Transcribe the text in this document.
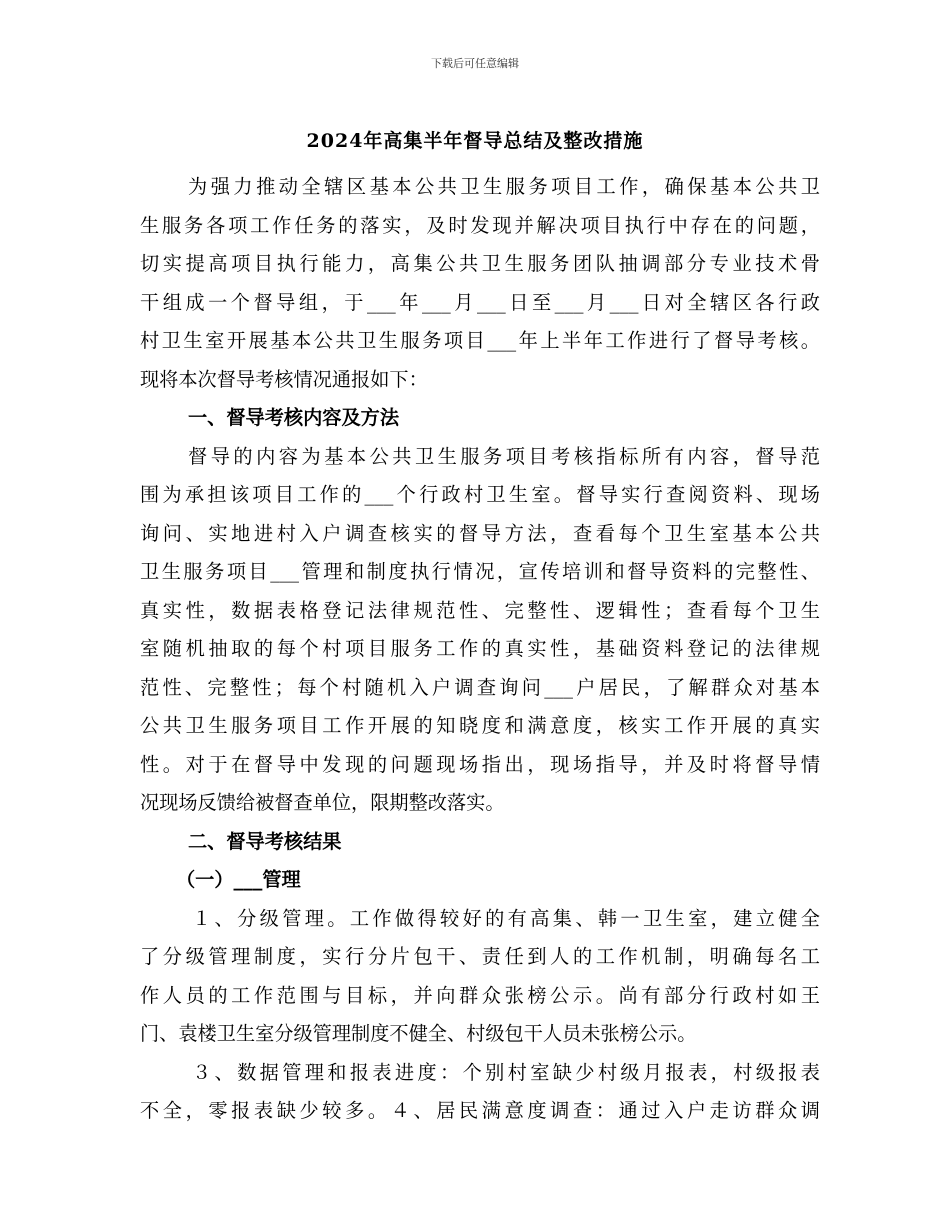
下载后可任意编辑
2024年高集半年督导总结及整改措施
为强力推动全辖区基本公共卫生服务项目工作，确保基本公共卫
生服务各项工作任务的落实，及时发现并解决项目执行中存在的问题，
切实提高项目执行能力，高集公共卫生服务团队抽调部分专业技术骨
干组成一个督导组，于___年___月___日至___月___日对全辖区各行政
村卫生室开展基本公共卫生服务项目___年上半年工作进行了督导考核。
现将本次督导考核情况通报如下：
一、督导考核内容及方法
督导的内容为基本公共卫生服务项目考核指标所有内容，督导范
围为承担该项目工作的___个行政村卫生室。督导实行查阅资料、现场
询问、实地进村入户调查核实的督导方法，查看每个卫生室基本公共
卫生服务项目___管理和制度执行情况，宣传培训和督导资料的完整性、
真实性，数据表格登记法律规范性、完整性、逻辑性；查看每个卫生
室随机抽取的每个村项目服务工作的真实性，基础资料登记的法律规
范性、完整性；每个村随机入户调查询问___户居民，了解群众对基本
公共卫生服务项目工作开展的知晓度和满意度，核实工作开展的真实
性。对于在督导中发现的问题现场指出，现场指导，并及时将督导情
况现场反馈给被督查单位，限期整改落实。
二、督导考核结果
（一）___管理
１、分级管理。工作做得较好的有高集、韩一卫生室，建立健全
了分级管理制度，实行分片包干、责任到人的工作机制，明确每名工
作人员的工作范围与目标，并向群众张榜公示。尚有部分行政村如王
门、袁楼卫生室分级管理制度不健全、村级包干人员未张榜公示。
３、数据管理和报表进度：个别村室缺少村级月报表，村级报表
不全，零报表缺少较多。４、居民满意度调查：通过入户走访群众调
